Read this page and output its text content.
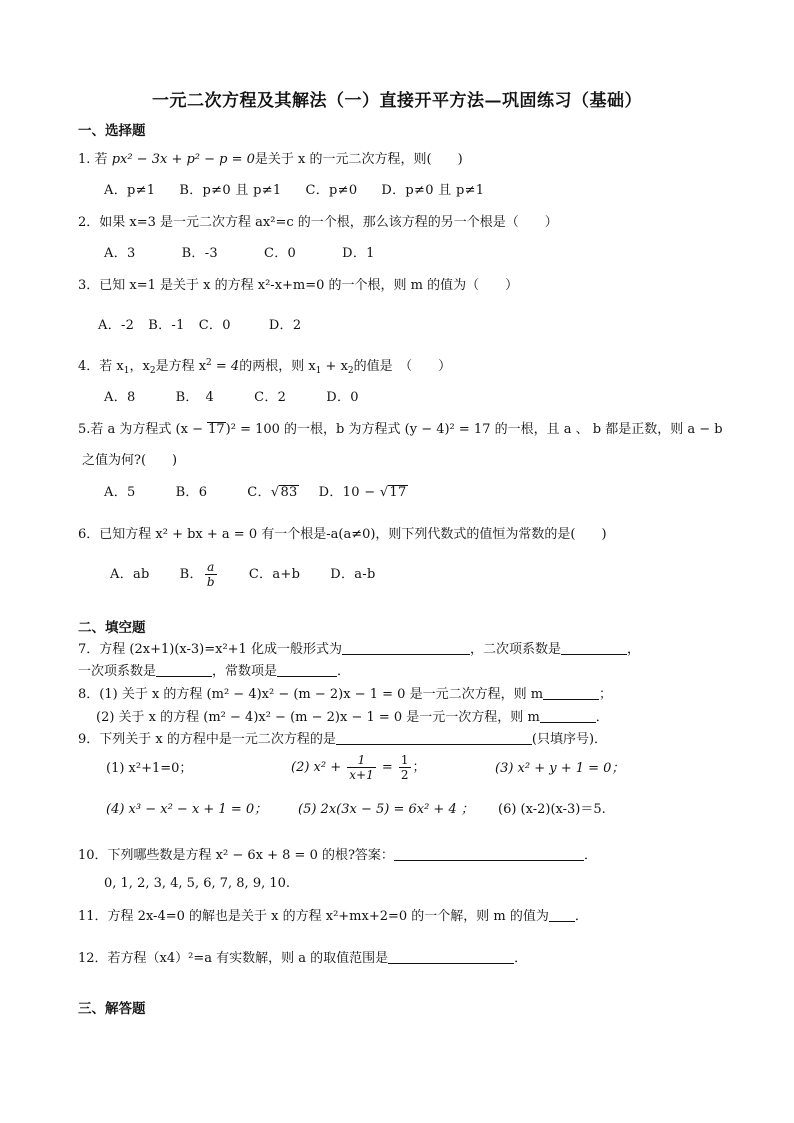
一元二次方程及其解法（一）直接开平方法—巩固练习（基础）
一、选择题
1. 若 px² − 3x + p² − p = 0是关于 x 的一元二次方程，则(　　)
A．p≠1 B．p≠0 且 p≠1 C．p≠0 D．p≠0 且 p≠1
2．如果 x=3 是一元二次方程 ax²=c 的一个根，那么该方程的另一个根是（　　）
A．3	B．-3	C．0	D．1
3．已知 x=1 是关于 x 的方程 x²-x+m=0 的一个根，则 m 的值为（　　）
A．-2 B．-1 C．0	D．2
4．若 $x_1$，$x_2$是方程 $x^2 = 4$的两根，则 $x_1 + x_2$的值是　（　　）
A．8	B．　4	C．2	D．0
5.若 a 为方程式 (x − 17)² = 100 的一根，b 为方程式 (y − 4)² = 17 的一根，且 a 、 b 都是正数，则 a − b
之值为何?(　　)
A．5	B．6	C．√83 D．10 − √17
6．已知方程 x² + bx + a = 0 有一个根是-a(a≠0)，则下列代数式的值恒为常数的是(　　)
A．ab B． $\frac{a}{b}$ C．a+b D．a-b
二、填空题
7．方程 (2x+1)(x-3)=x²+1 化成一般形式为	，二次项系数是	，
一次项系数是	，常数项是	．
8．(1) 关于 x 的方程 (m² − 4)x² − (m − 2)x − 1 = 0 是一元二次方程，则 m	；
(2) 关于 x 的方程 (m² − 4)x² − (m − 2)x − 1 = 0 是一元一次方程，则 m	．
9．下列关于 x 的方程中是一元二次方程的是	(只填序号)．
(1) x²+1=0；	(2) $x^2 + \frac{1}{x+1} = \frac{1}{2}$ ；	(3) x² + y + 1 = 0；
(4) x³ − x² − x + 1 = 0； (5) 2x(3x − 5) = 6x² + 4 ； (6) (x-2)(x-3)＝5.
10．下列哪些数是方程 x² − 6x + 8 = 0 的根?答案：	．
0, 1, 2, 3, 4, 5, 6, 7, 8, 9, 10.
11．方程 2x-4=0 的解也是关于 x 的方程 x²+mx+2=0 的一个解，则 m 的值为 ．
12．若方程（x4）²=a 有实数解，则 a 的取值范围是	．
三、解答题
